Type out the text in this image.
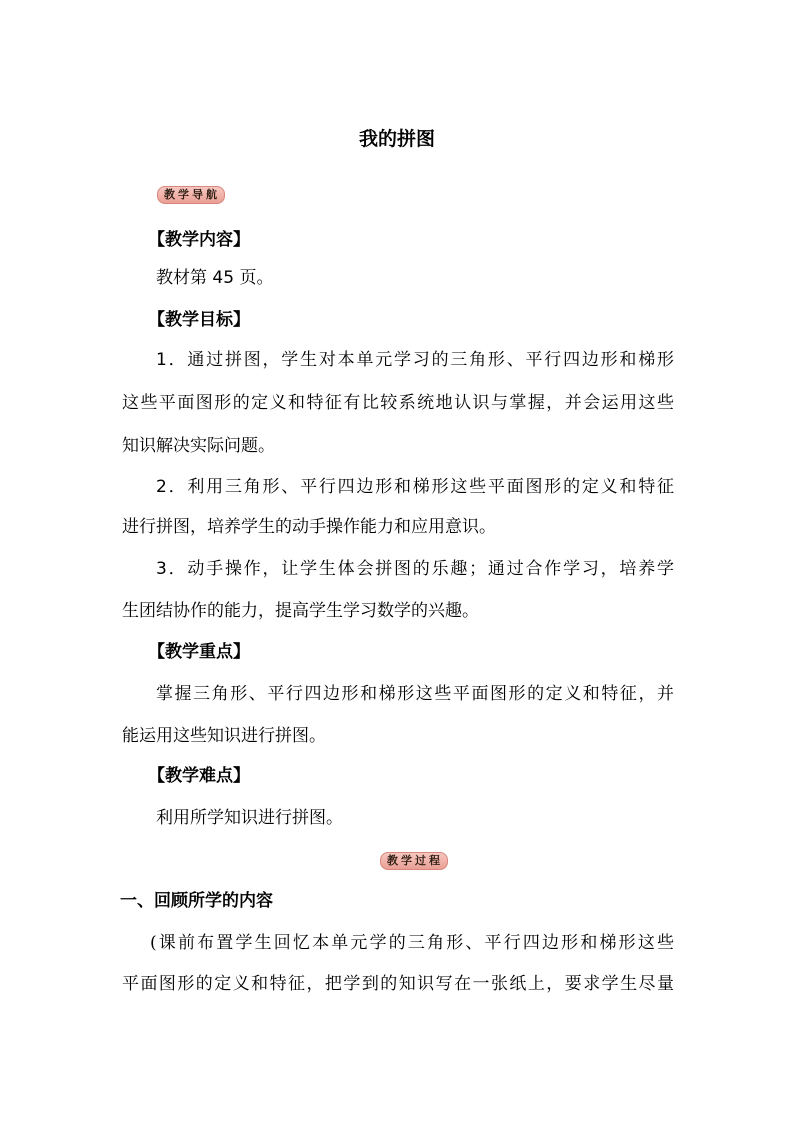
我的拼图
教学导航
【教学内容】
教材第 45 页。
【教学目标】
1．通过拼图，学生对本单元学习的三角形、平行四边形和梯形
这些平面图形的定义和特征有比较系统地认识与掌握，并会运用这些
知识解决实际问题。
2．利用三角形、平行四边形和梯形这些平面图形的定义和特征
进行拼图，培养学生的动手操作能力和应用意识。
3．动手操作，让学生体会拼图的乐趣；通过合作学习，培养学
生团结协作的能力，提高学生学习数学的兴趣。
【教学重点】
掌握三角形、平行四边形和梯形这些平面图形的定义和特征，并
能运用这些知识进行拼图。
【教学难点】
利用所学知识进行拼图。
教学过程
一、回顾所学的内容
(课前布置学生回忆本单元学的三角形、平行四边形和梯形这些
平面图形的定义和特征，把学到的知识写在一张纸上，要求学生尽量
